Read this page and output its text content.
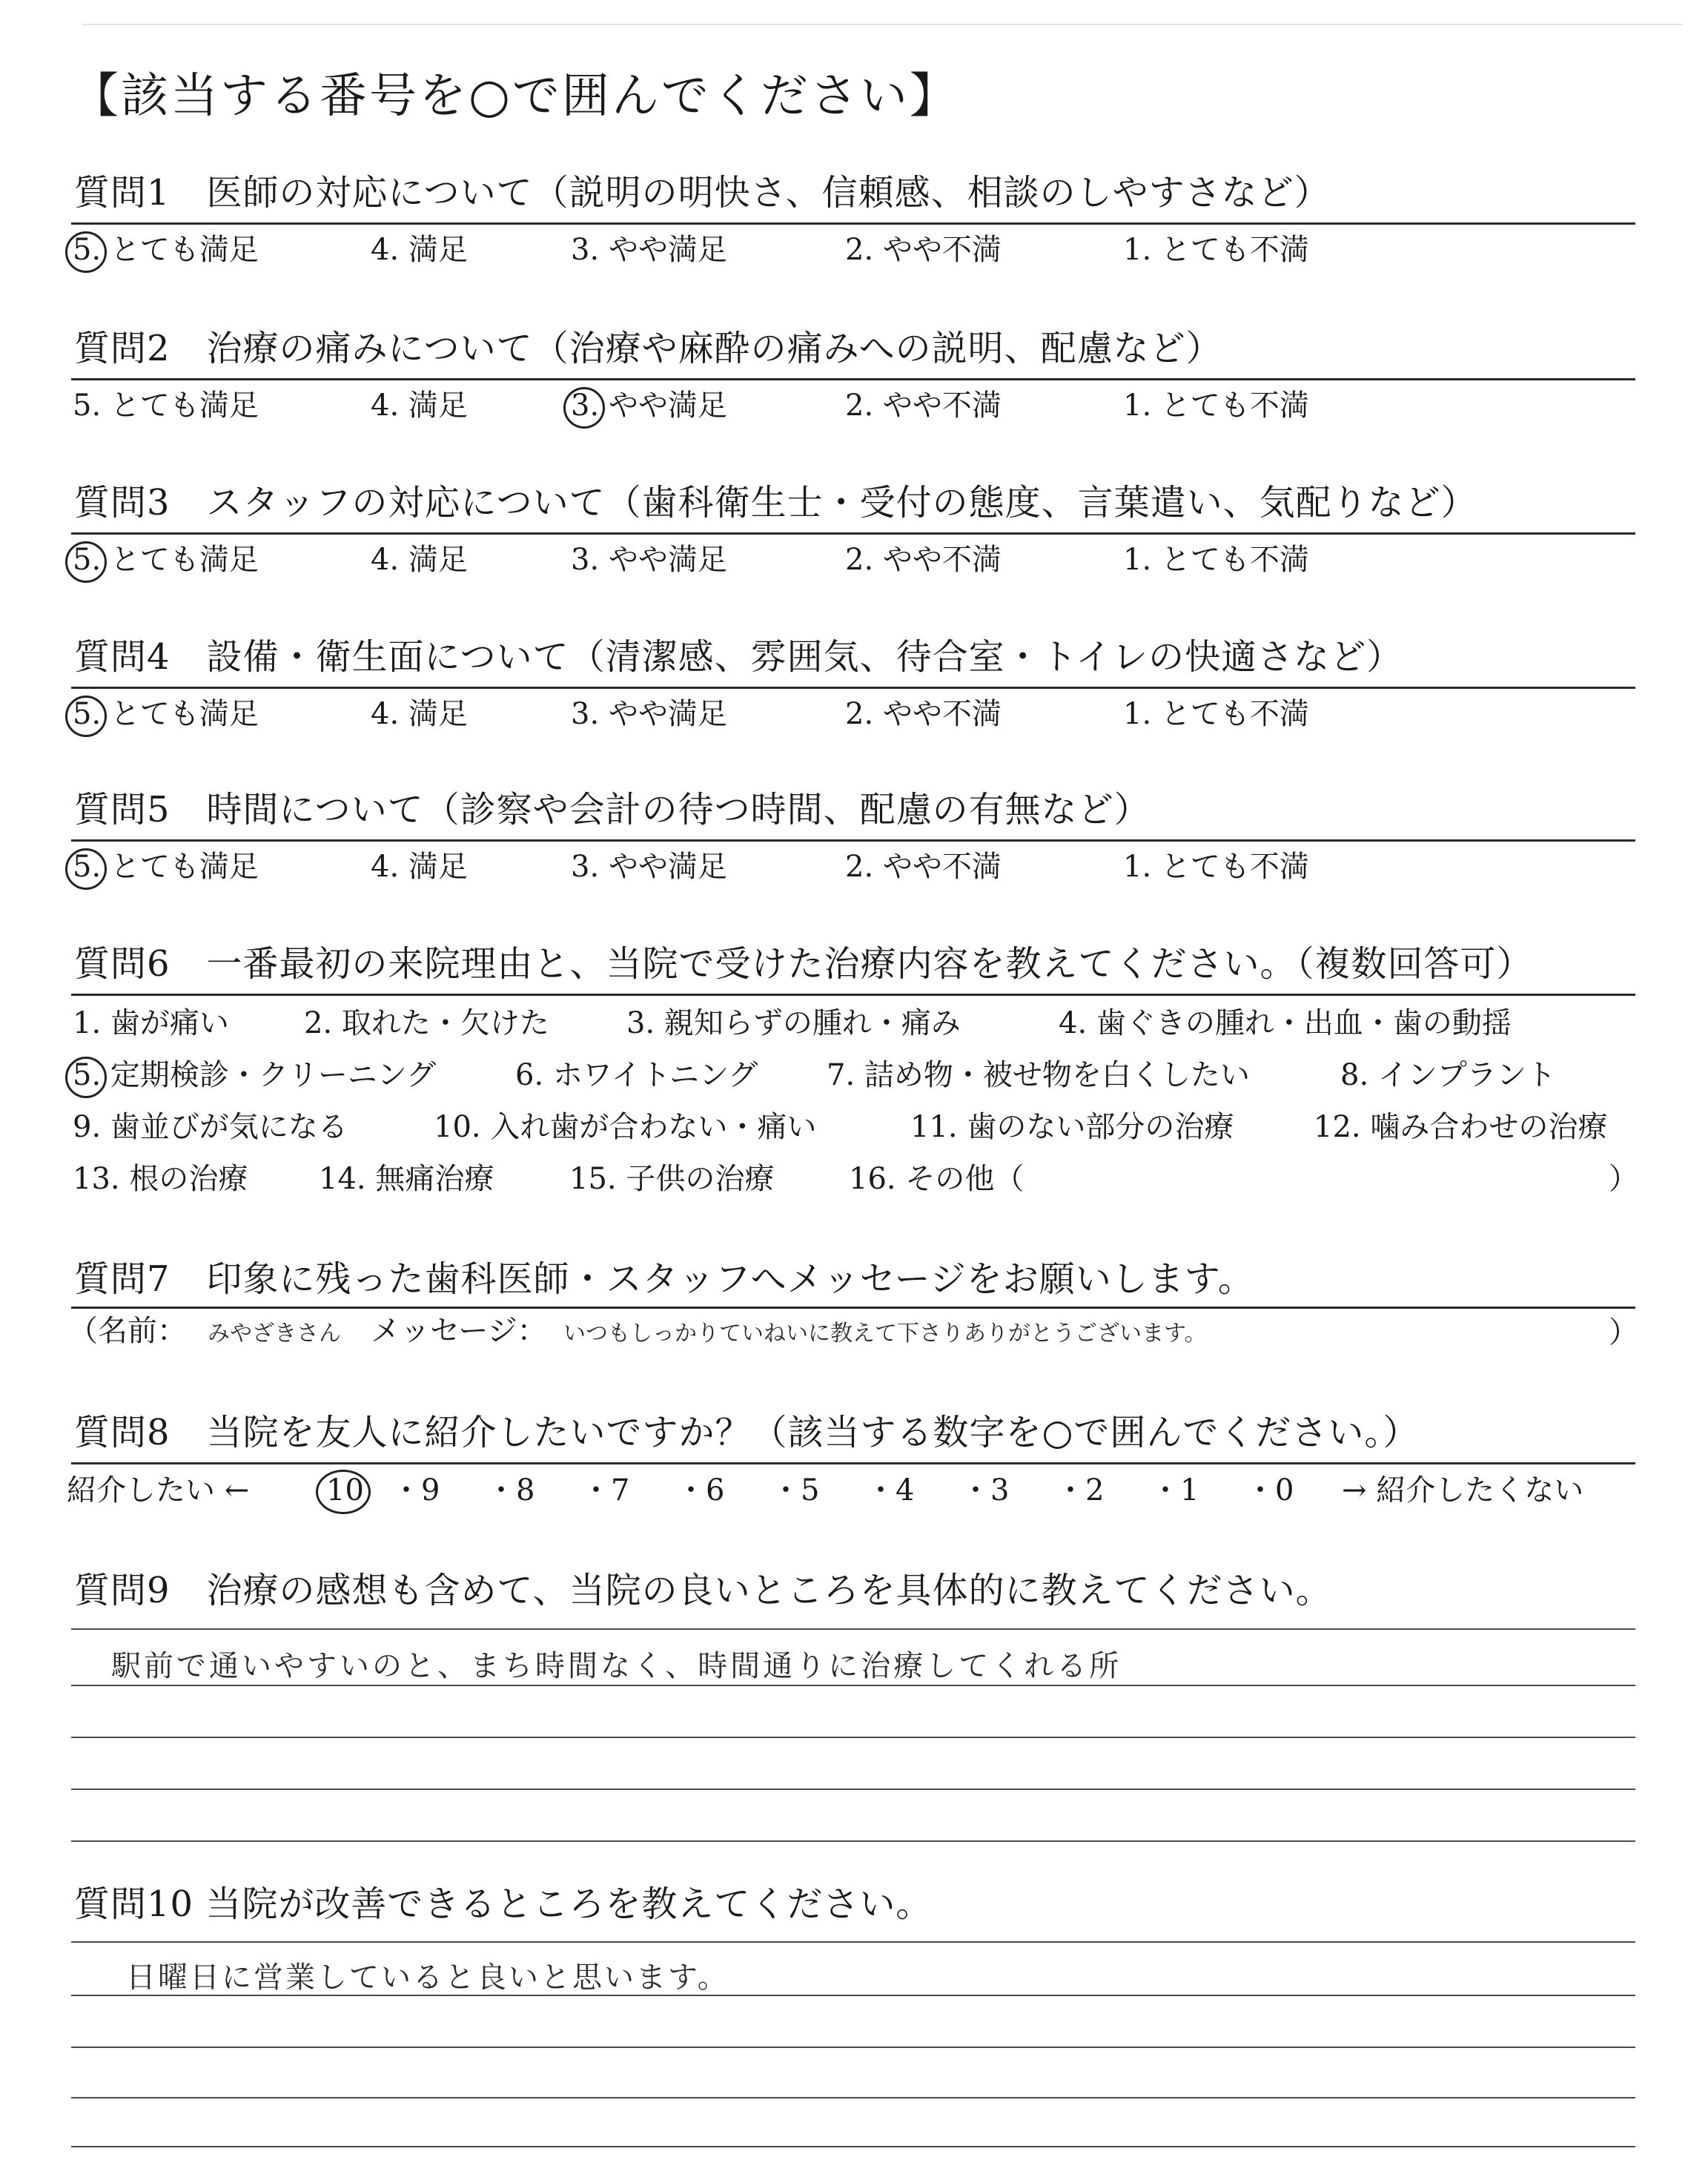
【該当する番号を○で囲んでください】
質問1　医師の対応について（説明の明快さ、信頼感、相談のしやすさなど）
5. とても満足	4. 満足	3. やや満足	2. やや不満	1. とても不満
質問2　治療の痛みについて（治療や麻酔の痛みへの説明、配慮など）
5. とても満足	4. 満足	3. やや満足	2. やや不満	1. とても不満
質問3　スタッフの対応について（歯科衛生士・受付の態度、言葉遣い、気配りなど）
5. とても満足	4. 満足	3. やや満足	2. やや不満	1. とても不満
質問4　設備・衛生面について（清潔感、雰囲気、待合室・トイレの快適さなど）
5. とても満足	4. 満足	3. やや満足	2. やや不満	1. とても不満
質問5　時間について（診察や会計の待つ時間、配慮の有無など）
5. とても満足	4. 満足	3. やや満足	2. やや不満	1. とても不満
質問6　一番最初の来院理由と、当院で受けた治療内容を教えてください。（複数回答可）
1. 歯が痛い	2. 取れた・欠けた	3. 親知らずの腫れ・痛み	4. 歯ぐきの腫れ・出血・歯の動揺
5. 定期検診・クリーニング	6. ホワイトニング 7. 詰め物・被せ物を白くしたい	8. インプラント
9. 歯並びが気になる	10. 入れ歯が合わない・痛い	11. 歯のない部分の治療	12. 噛み合わせの治療
13. 根の治療 14. 無痛治療	15. 子供の治療	16. その他（	）
質問7　印象に残った歯科医師・スタッフへメッセージをお願いします。
（名前： みやざきさん メッセージ： いつもしっかりていねいに教えて下さりありがとうございます。	）
質問8　当院を友人に紹介したいですか？（該当する数字を○で囲んでください。）
紹介したい ←	10 ・ 9 ・ 8 ・ 7 ・ 6 ・ 5 ・ 4 ・ 3 ・ 2 ・ 1 ・ 0 → 紹介したくない
質問9　治療の感想も含めて、当院の良いところを具体的に教えてください。
駅前で通いやすいのと、まち時間なく、時間通りに治療してくれる所
質問10 当院が改善できるところを教えてください。
日曜日に営業していると良いと思います。
